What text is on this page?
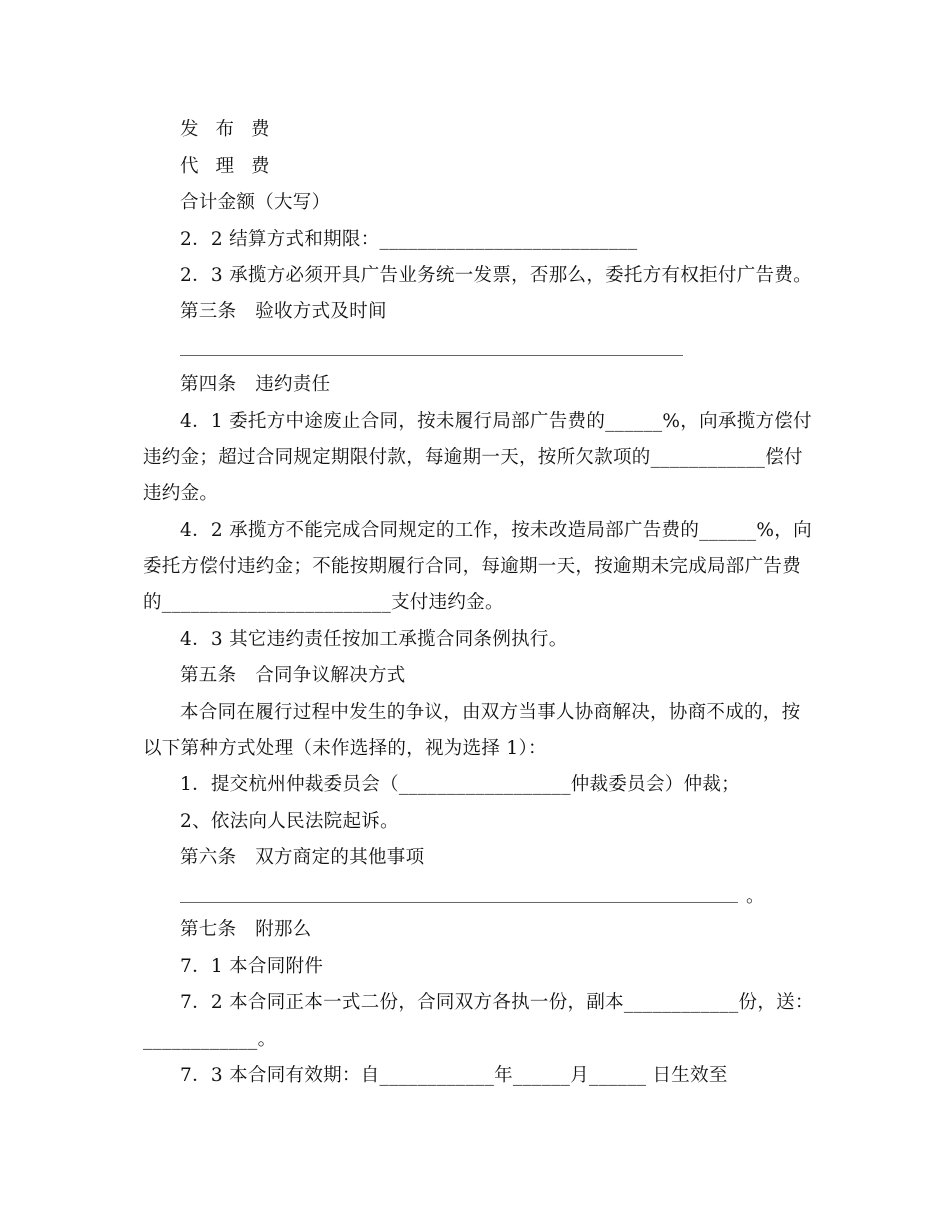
发布费
代理费
合计金额（大写）
2．2 结算方式和期限：___________________________
2．3 承揽方必须开具广告业务统一发票，否那么，委托方有权拒付广告费。
第三条　验收方式及时间
第四条　违约责任
4．1 委托方中途废止合同，按未履行局部广告费的______%，向承揽方偿付
违约金；超过合同规定期限付款，每逾期一天，按所欠款项的____________偿付
违约金。
4．2 承揽方不能完成合同规定的工作，按未改造局部广告费的______%，向
委托方偿付违约金；不能按期履行合同，每逾期一天，按逾期未完成局部广告费
的________________________支付违约金。
4．3 其它违约责任按加工承揽合同条例执行。
第五条　合同争议解决方式
本合同在履行过程中发生的争议，由双方当事人协商解决，协商不成的，按
以下第种方式处理（未作选择的，视为选择 1）：
1．提交杭州仲裁委员会（__________________仲裁委员会）仲裁；
2、依法向人民法院起诉。
第六条　双方商定的其他事项
。
第七条　附那么
7．1 本合同附件
7．2 本合同正本一式二份，合同双方各执一份，副本____________份，送：
____________。
7．3 本合同有效期：自____________年______月______ 日生效至
